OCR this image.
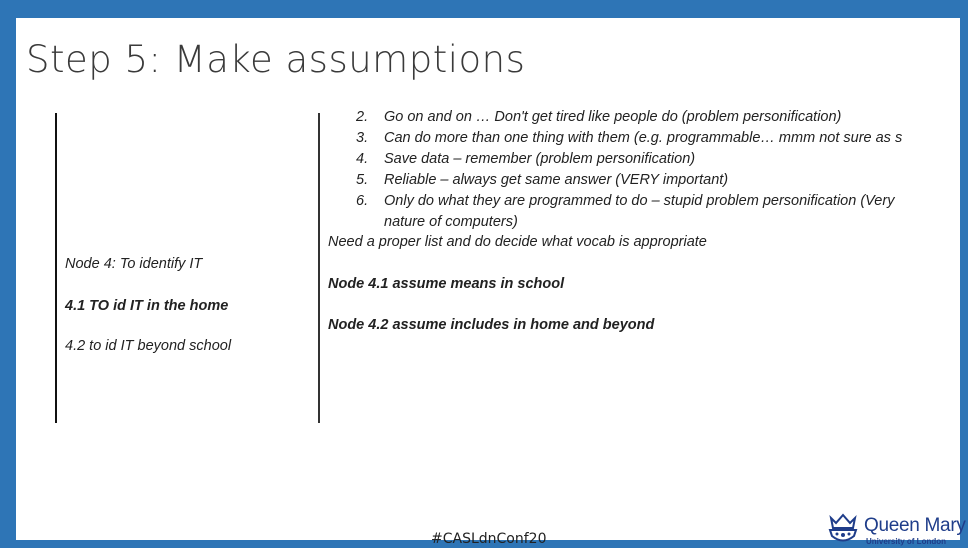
Step 5: Make assumptions
Node 4: To identify IT
4.1 TO id IT in the home
4.2 to id IT beyond school
2.	Go on and on … Don't get tired like people do (problem personification)
3.	Can do more than one thing with them (e.g. programmable… mmm not sure as s
4.	Save data – remember (problem personification)
5.	Reliable – always get same answer (VERY important)
6.	Only do what they are programmed to do – stupid problem personification (Very
nature of computers)
Need a proper list and do decide what vocab is appropriate
Node 4.1 assume means in school
Node 4.2 assume includes in home and beyond
#CASLdnConf20
Queen Mary
University of London
